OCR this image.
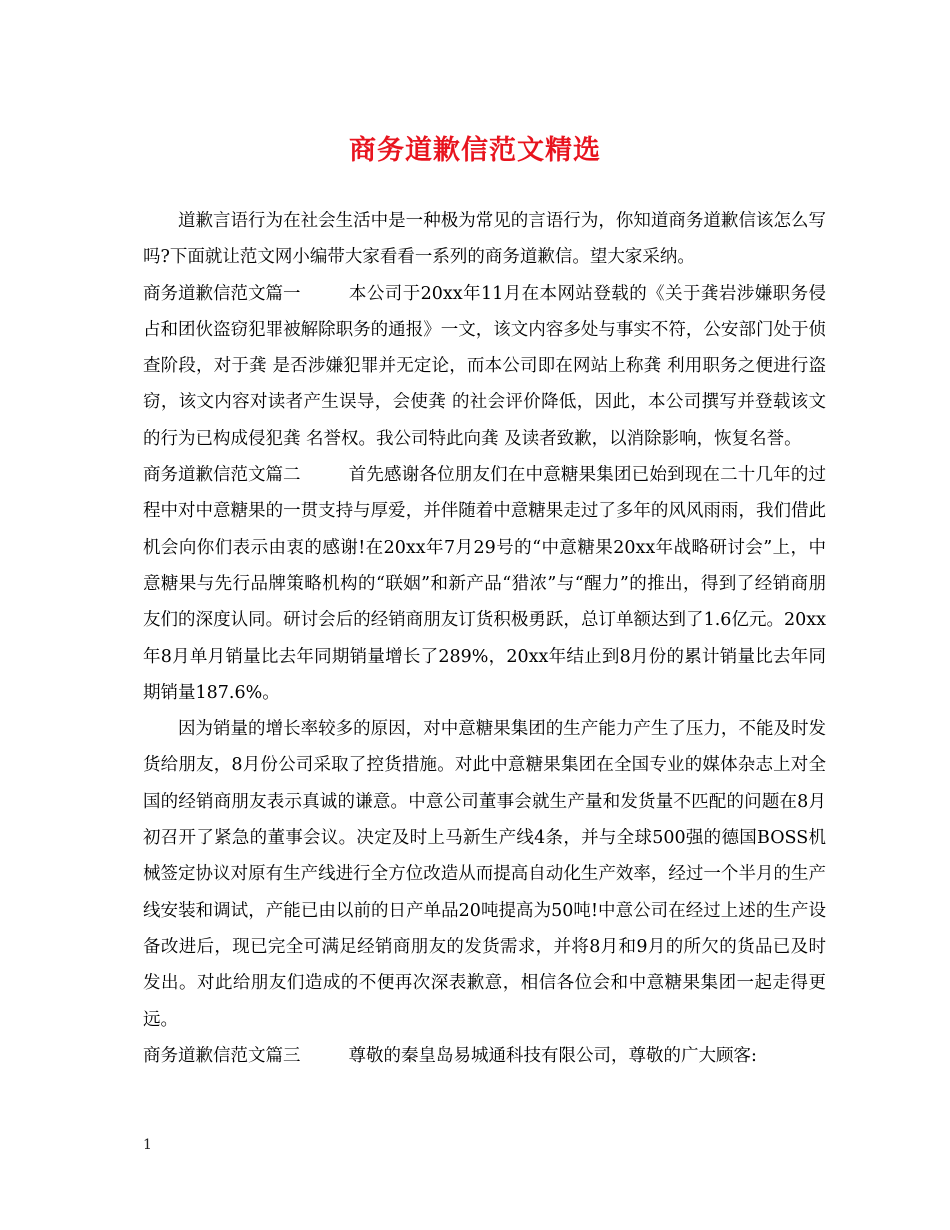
商务道歉信范文精选

道歉言语行为在社会生活中是一种极为常见的言语行为，你知道商务道歉信该怎么写吗?下面就让范文网小编带大家看看一系列的商务道歉信。望大家采纳。

商务道歉信范文篇一	本公司于20xx年11月在本网站登载的《关于龚岩涉嫌职务侵占和团伙盗窃犯罪被解除职务的通报》一文，该文内容多处与事实不符，公安部门处于侦查阶段，对于龚 是否涉嫌犯罪并无定论，而本公司即在网站上称龚 利用职务之便进行盗窃，该文内容对读者产生误导，会使龚 的社会评价降低，因此，本公司撰写并登载该文的行为已构成侵犯龚 名誉权。我公司特此向龚 及读者致歉，以消除影响，恢复名誉。

商务道歉信范文篇二	首先感谢各位朋友们在中意糖果集团已始到现在二十几年的过程中对中意糖果的一贯支持与厚爱，并伴随着中意糖果走过了多年的风风雨雨，我们借此机会向你们表示由衷的感谢!在20xx年7月29号的“中意糖果20xx年战略研讨会”上，中意糖果与先行品牌策略机构的“联姻”和新产品“猎浓”与“醒力”的推出，得到了经销商朋友们的深度认同。研讨会后的经销商朋友订货积极勇跃，总订单额达到了1.6亿元。20xx年8月单月销量比去年同期销量增长了289%，20xx年结止到8月份的累计销量比去年同期销量187.6%。

因为销量的增长率较多的原因，对中意糖果集团的生产能力产生了压力，不能及时发货给朋友，8月份公司采取了控货措施。对此中意糖果集团在全国专业的媒体杂志上对全国的经销商朋友表示真诚的谦意。中意公司董事会就生产量和发货量不匹配的问题在8月初召开了紧急的董事会议。决定及时上马新生产线4条，并与全球500强的德国BOSS机械签定协议对原有生产线进行全方位改造从而提高自动化生产效率，经过一个半月的生产线安装和调试，产能已由以前的日产单品20吨提高为50吨!中意公司在经过上述的生产设备改进后，现已完全可满足经销商朋友的发货需求，并将8月和9月的所欠的货品已及时发出。对此给朋友们造成的不便再次深表歉意，相信各位会和中意糖果集团一起走得更远。

商务道歉信范文篇三	尊敬的秦皇岛易城通科技有限公司，尊敬的广大顾客:

1
